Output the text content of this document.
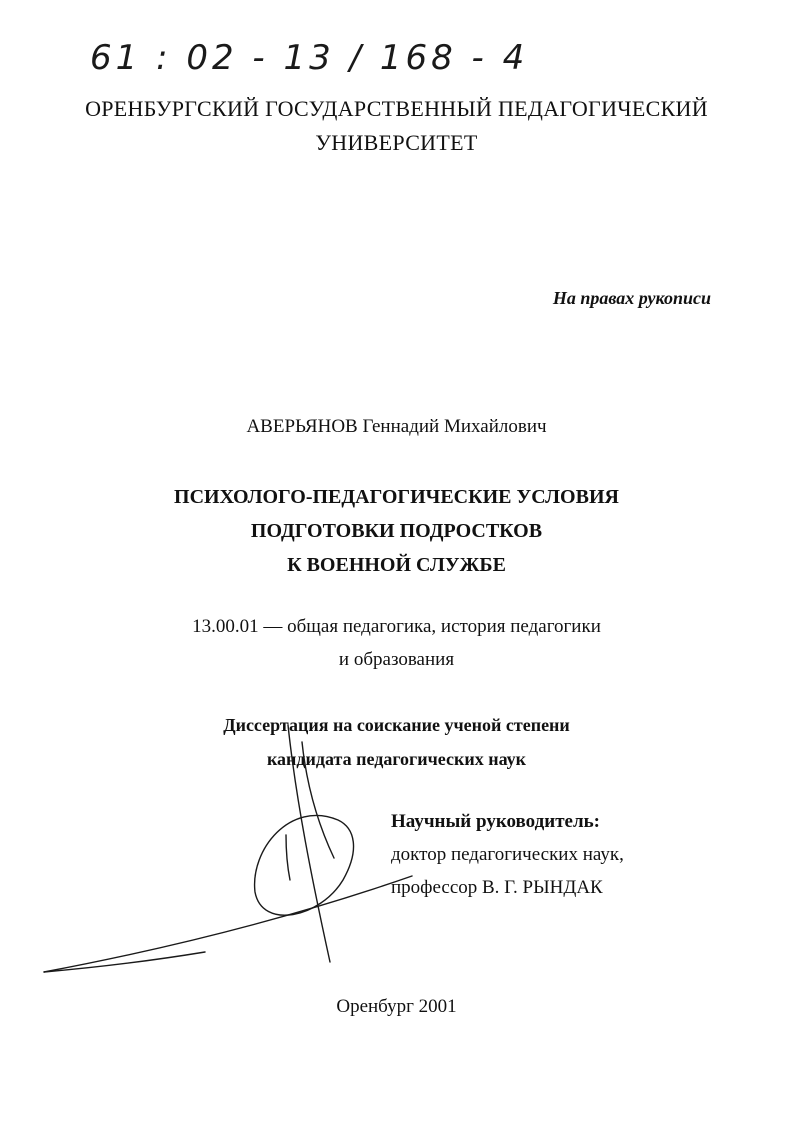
61 : 02 - 13 / 168 - 4
ОРЕНБУРГСКИЙ ГОСУДАРСТВЕННЫЙ ПЕДАГОГИЧЕСКИЙ
УНИВЕРСИТЕТ
На правах рукописи
АВЕРЬЯНОВ Геннадий Михайлович
ПСИХОЛОГО-ПЕДАГОГИЧЕСКИЕ УСЛОВИЯ
ПОДГОТОВКИ ПОДРОСТКОВ
К ВОЕННОЙ СЛУЖБЕ
13.00.01 — общая педагогика, история педагогики
и образования
Диссертация на соискание ученой степени
кандидата педагогических наук
Научный руководитель:
доктор педагогических наук,
профессор В. Г. РЫНДАК
Оренбург 2001
